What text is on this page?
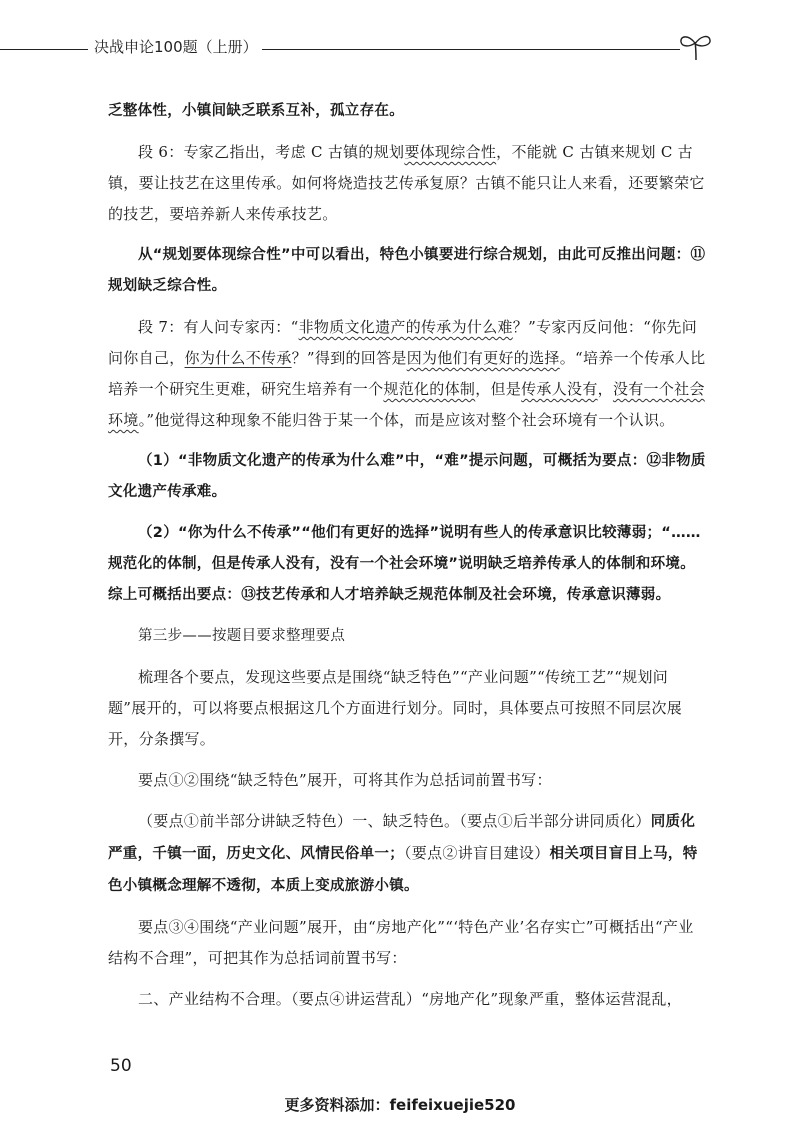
决战申论100题（上册）

乏整体性，小镇间缺乏联系互补，孤立存在。

段 6：专家乙指出，考虑 C 古镇的规划要体现综合性，不能就 C 古镇来规划 C 古镇，要让技艺在这里传承。如何将烧造技艺传承复原？古镇不能只让人来看，还要繁荣它的技艺，要培养新人来传承技艺。

从“规划要体现综合性”中可以看出，特色小镇要进行综合规划，由此可反推出问题：⑪规划缺乏综合性。

段 7：有人问专家丙：“非物质文化遗产的传承为什么难？”专家丙反问他：“你先问问你自己，你为什么不传承？”得到的回答是因为他们有更好的选择。“培养一个传承人比培养一个研究生更难，研究生培养有一个规范化的体制，但是传承人没有，没有一个社会环境。”他觉得这种现象不能归咎于某一个体，而是应该对整个社会环境有一个认识。

（1）“非物质文化遗产的传承为什么难”中，“难”提示问题，可概括为要点：⑫非物质文化遗产传承难。

（2）“你为什么不传承”“他们有更好的选择”说明有些人的传承意识比较薄弱；“……规范化的体制，但是传承人没有，没有一个社会环境”说明缺乏培养传承人的体制和环境。综上可概括出要点：⑬技艺传承和人才培养缺乏规范体制及社会环境，传承意识薄弱。

第三步——按题目要求整理要点

梳理各个要点，发现这些要点是围绕“缺乏特色”“产业问题”“传统工艺”“规划问题”展开的，可以将要点根据这几个方面进行划分。同时，具体要点可按照不同层次展开，分条撰写。

要点①②围绕“缺乏特色”展开，可将其作为总括词前置书写：

（要点①前半部分讲缺乏特色）一、缺乏特色。（要点①后半部分讲同质化）同质化严重，千镇一面，历史文化、风情民俗单一；（要点②讲盲目建设）相关项目盲目上马，特色小镇概念理解不透彻，本质上变成旅游小镇。

要点③④围绕“产业问题”展开，由“房地产化”“‘特色产业’名存实亡”可概括出“产业结构不合理”，可把其作为总括词前置书写：

二、产业结构不合理。（要点④讲运营乱）“房地产化”现象严重，整体运营混乱，

50
更多资料添加：feifeixuejie520
